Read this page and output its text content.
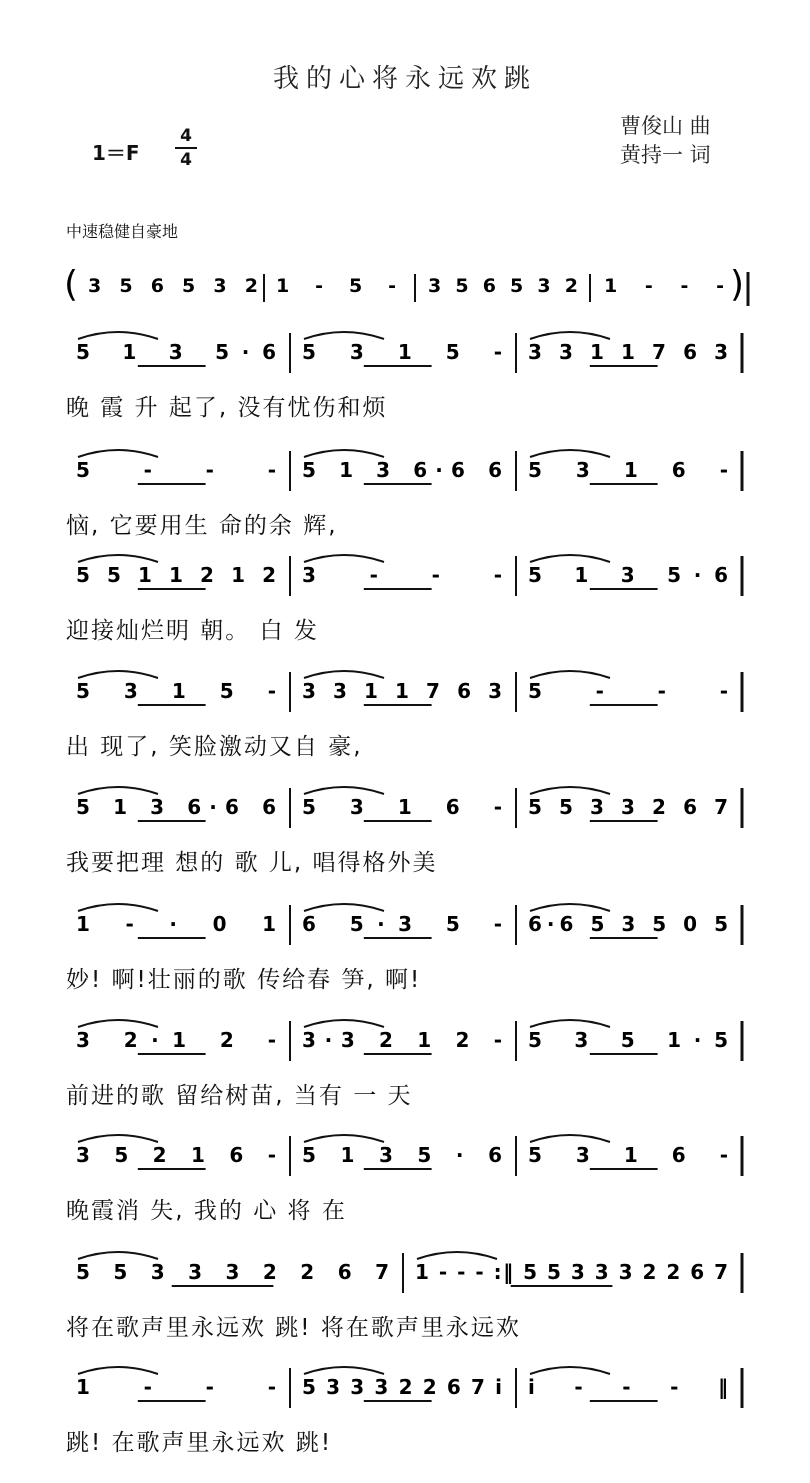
我的心将永远欢跳
曹俊山 曲
黄持一 词
1＝F
4
4
中速稳健自豪地
( 3 5 6 5 3 2 1 - 5 - 3 5 6 5 3 2 1 - - - )
5 1 3 5·6 5 3 1 5 - 3 3 1 1 7 6 3
晚 霞 升 起了, 没有忧伤和烦
5 - - - 5 1 3 6·6 6 5 3 1 6 -
恼, 它要用生 命的余 辉,
5 5 1 1 2 1 2 3 - - - 5 1 3 5·6
迎接灿烂明 朝。 白 发
5 3 1 5 - 3 3 1 1 7 6 3 5 - - -
出 现了, 笑脸激动又自 豪,
5 1 3 6·6 6 5 3 1 6 - 5 5 3 3 2 6 7
我要把理 想的 歌 儿, 唱得格外美
1 - · 0 1 6 5·3 5 - 6·6 5 3 5 0 5
妙! 啊!壮丽的歌 传给春 笋, 啊!
3 2·1 2 - 3·3 2 1 2 - 5 3 5 1·5
前进的歌 留给树苗, 当有 一 天
3 5 2 1 6 - 5 1 3 5 · 6 5 3 1 6 -
晚霞消 失, 我的 心 将 在
5 5 3 3 3 2 2 6 7 1 - - - :‖ 5 5 3 3 3 2 2 6 7
将在歌声里永远欢 跳! 将在歌声里永远欢
1 - - - 5 3 3 3 2 2 6 7 i i - - - ‖
跳! 在歌声里永远欢 跳!
